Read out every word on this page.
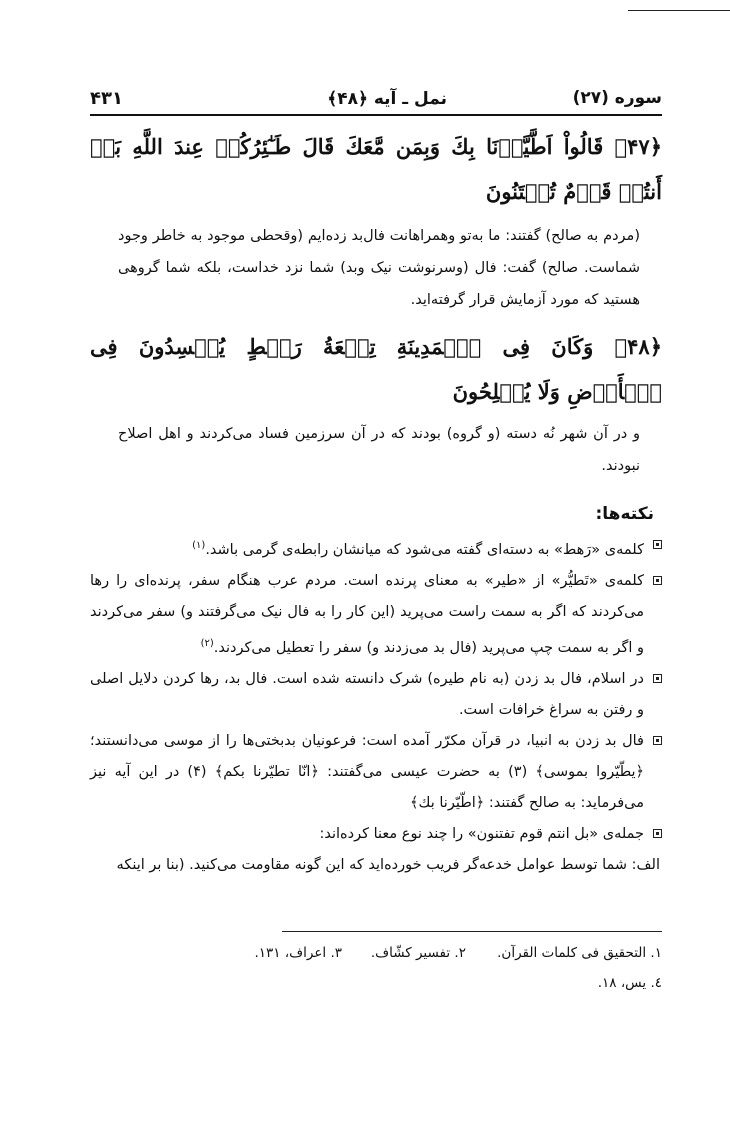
سوره (۲۷)
نمل ـ آیه ﴿۴۸﴾
۴۳۱
﴿۴۷﴾ قَالُواْ اَطَّيَّرۡنَا بِكَ وَبِمَن مَّعَكَ قَالَ طَـٰٓئِرُكُمۡ عِندَ اللَّهِ بَلۡ أَنتُمۡ قَوۡمٌ تُفۡتَنُونَ
(مردم به صالح) گفتند: ما به‌تو وهمراهانت فال‌بد زده‌ایم (وقحطی موجود به خاطر وجود شماست. صالح) گفت: فال (وسرنوشت نیک وبد) شما نزد خداست، بلکه شما گروهی هستید که مورد آزمایش قرار گرفته‌اید.
﴿۴۸﴾ وَكَانَ فِى ٱلۡمَدِينَةِ تِسۡعَةُ رَهۡطٍ يُفۡسِدُونَ فِى ٱلۡأَرۡضِ وَلَا يُصۡلِحُونَ
و در آن شهر نُه دسته (و گروه) بودند که در آن سرزمین فساد می‌کردند و اهل اصلاح نبودند.
نکته‌ها:
کلمه‌ی «رَهط» به دسته‌ای گفته می‌شود که میانشان رابطه‌ی گرمی باشد.$^{(۱)}$
کلمه‌ی «تَطیُّر» از «طیر» به معنای پرنده است. مردم عرب هنگام سفر، پرنده‌ای را رها می‌کردند که اگر به سمت راست می‌پرید (این کار را به فال نیک می‌گرفتند و) سفر می‌کردند و اگر به سمت چپ می‌پرید (فال بد می‌زدند و) سفر را تعطیل می‌کردند.$^{(۲)}$
در اسلام، فال بد زدن (به نام طیره) شرک دانسته شده است. فال بد، رها کردن دلایل اصلی و رفتن به سراغ خرافات است.
فال بد زدن به انبیا، در قرآن مکرّر آمده است: فرعونیان بدبختی‌ها را از موسی می‌دانستند؛ ﴿يطّيّروا بموسى﴾ (۳) به حضرت عیسی می‌گفتند: ﴿انّا تطيّرنا بكم﴾ (۴) در این آیه نیز می‌فرماید: به صالح گفتند: ﴿اطّيّرنا بك﴾
جمله‌ی «بل انتم قوم تفتنون» را چند نوع معنا کرده‌اند:
الف: شما توسط عوامل خدعه‌گر فریب خورده‌اید که این گونه مقاومت می‌کنید. (بنا بر اینکه
۱. التحقیق فی کلمات القرآن.
۲. تفسیر کشّاف.
۳. اعراف، ۱۳۱.
٤. یس، ۱۸.
